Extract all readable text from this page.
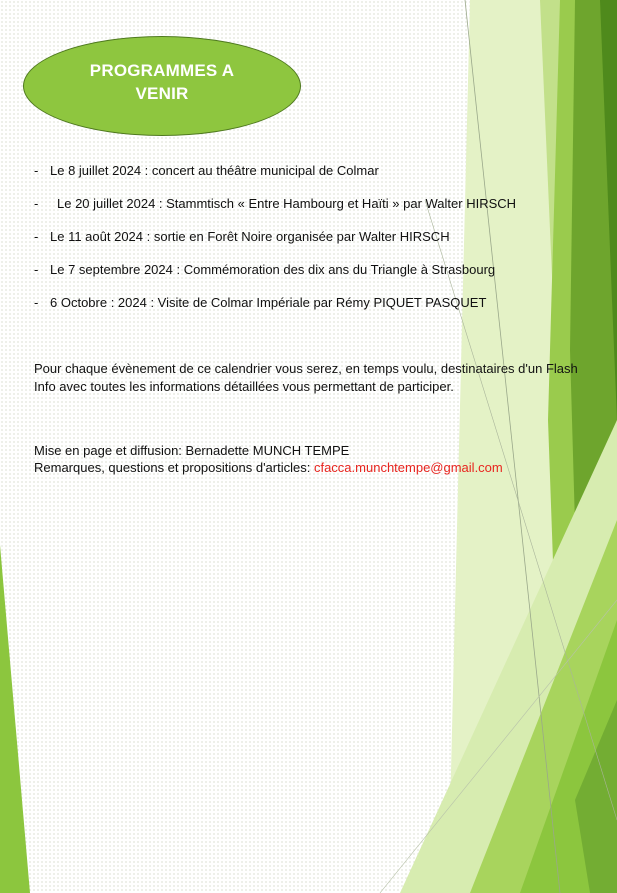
PROGRAMMES A VENIR
- Le 8 juillet 2024 : concert au théâtre municipal de Colmar
- Le 20 juillet 2024 : Stammtisch « Entre Hambourg et Haïti » par Walter HIRSCH
- Le 11 août 2024 : sortie en Forêt Noire organisée par Walter HIRSCH
- Le 7 septembre 2024 : Commémoration des dix ans du Triangle à Strasbourg
- 6 Octobre : 2024 : Visite de Colmar Impériale par Rémy PIQUET PASQUET

Pour chaque évènement de ce calendrier vous serez, en temps voulu, destinataires d'un Flash Info avec toutes les informations détaillées vous permettant de participer.

Mise en page et diffusion: Bernadette MUNCH TEMPE
Remarques, questions et propositions d'articles: cfacca.munchtempe@gmail.com
